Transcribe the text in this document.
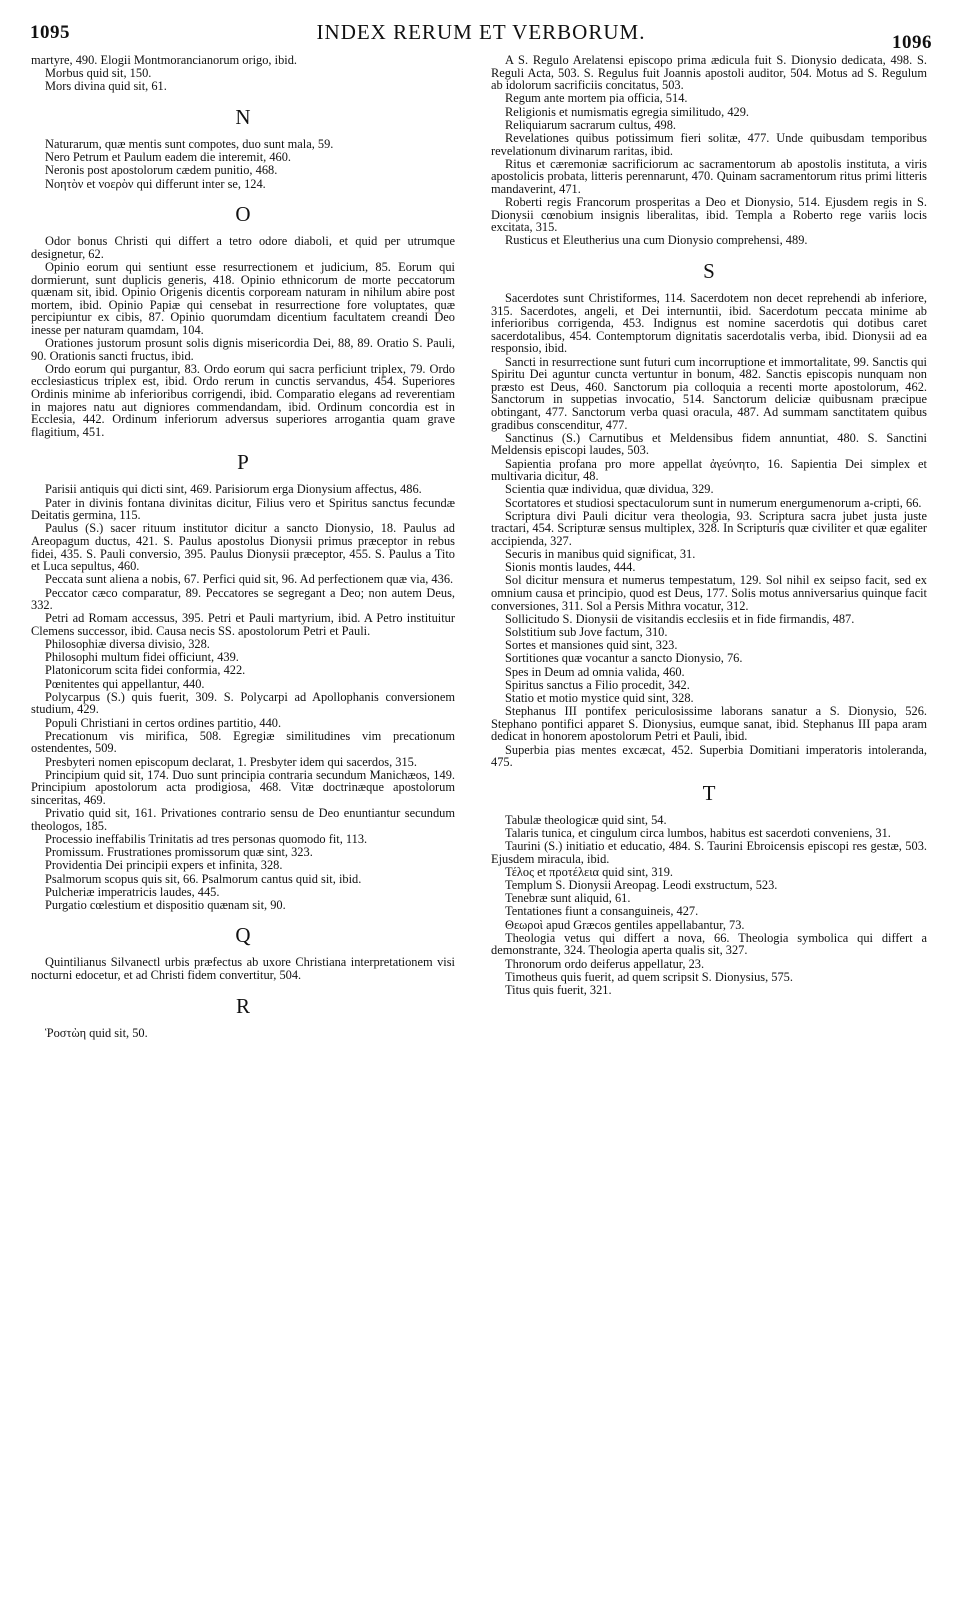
1095	INDEX RERUM ET VERBORUM.	1096
martyre, 490. Elogii Montmorancianorum origo, ibid.
Morbus quid sit, 150.
Mors divina quid sit, 61.
N
Naturarum, quæ mentis sunt compotes, duo sunt mala, 59.
Nero Petrum et Paulum eadem die interemit, 460.
Neronis post apostolorum cædem punitio, 468.
Νοητὸν et νοερὸν qui differunt inter se, 124.
O
Odor bonus Christi qui differt a tetro odore diaboli, et quid per utrumque designetur, 62.
Opinio eorum qui sentiunt esse resurrectionem et judicium, 85. Eorum qui dormierunt, sunt duplicis generis, 418. Opinio ethnicorum de morte peccatorum quænam sit, ibid. Opinio Origenis dicentis corpoream naturam in nihilum abire post mortem, ibid. Opinio Papiæ qui censebat in resurrectione fore voluptates, quæ percipiuntur ex cibis, 87. Opinio quorumdam dicentium facultatem creandi Deo inesse per naturam quamdam, 104.
Orationes justorum prosunt solis dignis misericordia Dei, 88, 89. Oratio S. Pauli, 90. Orationis sancti fructus, ibid.
Ordo eorum qui purgantur, 83. Ordo eorum qui sacra perficiunt triplex, 79. Ordo ecclesiasticus triplex est, ibid. Ordo rerum in cunctis servandus, 454. Superiores Ordinis minime ab inferioribus corrigendi, ibid. Comparatio elegans ad reverentiam in majores natu aut digniores commendandam, ibid. Ordinum concordia est in Ecclesia, 442. Ordinum inferiorum adversus superiores arrogantia quam grave flagitium, 451.
P
Parisii antiquis qui dicti sint, 469. Parisiorum erga Dionysium affectus, 486.
Pater in divinis fontana divinitas dicitur, Filius vero et Spiritus sanctus fecundæ Deitatis germina, 115.
Paulus (S.) sacer rituum institutor dicitur a sancto Dionysio, 18. Paulus ad Areopagum ductus, 421. S. Paulus apostolus Dionysii primus præceptor in rebus fidei, 435. S. Pauli conversio, 395. Paulus Dionysii præceptor, 455. S. Paulus a Tito et Luca sepultus, 460.
Peccata sunt aliena a nobis, 67. Perfici quid sit, 96. Ad perfectionem quæ via, 436.
Peccator cæco comparatur, 89. Peccatores se segregant a Deo; non autem Deus, 332.
Petri ad Romam accessus, 395. Petri et Pauli martyrium, ibid. A Petro instituitur Clemens successor, ibid. Causa necis SS. apostolorum Petri et Pauli.
Philosophiæ diversa divisio, 328.
Philosophi multum fidei officiunt, 439.
Platonicorum scita fidei conformia, 422.
Pœnitentes qui appellantur, 440.
Polycarpus (S.) quis fuerit, 309. S. Polycarpi ad Apollophanis conversionem studium, 429.
Populi Christiani in certos ordines partitio, 440.
Precationum vis mirifica, 508. Egregiæ similitudines vim precationum ostendentes, 509.
Presbyteri nomen episcopum declarat, 1. Presbyter idem qui sacerdos, 315.
Principium quid sit, 174. Duo sunt principia contraria secundum Manichæos, 149. Principium apostolorum acta prodigiosa, 468. Vitæ doctrinæque apostolorum sinceritas, 469.
Privatio quid sit, 161. Privationes contrario sensu de Deo enuntiantur secundum theologos, 185.
Processio ineffabilis Trinitatis ad tres personas quomodo fit, 113.
Promissum. Frustrationes promissorum quæ sint, 323.
Providentia Dei principii expers et infinita, 328.
Psalmorum scopus quis sit, 66. Psalmorum cantus quid sit, ibid.
Pulcheriæ imperatricis laudes, 445.
Purgatio cœlestium et dispositio quænam sit, 90.
Q
Quintilianus Silvanectl urbis præfectus ab uxore Christiana interpretationem visi nocturni edocetur, et ad Christi fidem convertitur, 504.
R
Ῥοστὼη quid sit, 50.
A S. Regulo Arelatensi episcopo prima ædicula fuit S. Dionysio dedicata, 498. S. Reguli Acta, 503. S. Regulus fuit Joannis apostoli auditor, 504. Motus ad S. Regulum ab idolorum sacrificiis concitatus, 503.
Regum ante mortem pia officia, 514.
Religionis et numismatis egregia similitudo, 429.
Reliquiarum sacrarum cultus, 498.
Revelationes quibus potissimum fieri solitæ, 477. Unde quibusdam temporibus revelationum divinarum raritas, ibid.
Ritus et cæremoniæ sacrificiorum ac sacramentorum ab apostolis instituta, a viris apostolicis probata, litteris perennarunt, 470. Quinam sacramentorum ritus primi litteris mandaverint, 471.
Roberti regis Francorum prosperitas a Deo et Dionysio, 514. Ejusdem regis in S. Dionysii cœnobium insignis liberalitas, ibid. Templa a Roberto rege variis locis excitata, 315.
Rusticus et Eleutherius una cum Dionysio comprehensi, 489.
S
Sacerdotes sunt Christiformes, 114. Sacerdotem non decet reprehendi ab inferiore, 315. Sacerdotes, angeli, et Dei internuntii, ibid. Sacerdotum peccata minime ab inferioribus corrigenda, 453. Indignus est nomine sacerdotis qui dotibus caret sacerdotalibus, 454. Contemptorum dignitatis sacerdotalis verba, ibid. Dionysii ad ea responsio, ibid.
Sancti in resurrectione sunt futuri cum incorruptione et immortalitate, 99. Sanctis qui Spiritu Dei aguntur cuncta vertuntur in bonum, 482. Sanctis episcopis nunquam non præsto est Deus, 460. Sanctorum pia colloquia a recenti morte apostolorum, 462. Sanctorum in suppetias invocatio, 514. Sanctorum deliciæ quibusnam præcipue obtingant, 477. Sanctorum verba quasi oracula, 487. Ad summam sanctitatem quibus gradibus conscenditur, 477.
Sanctinus (S.) Carnutibus et Meldensibus fidem annuntiat, 480. S. Sanctini Meldensis episcopi laudes, 503.
Sapientia profana pro more appellat ἀγεύνητο, 16. Sapientia Dei simplex et multivaria dicitur, 48.
Scientia quæ individua, quæ dividua, 329.
Scortatores et studiosi spectaculorum sunt in numerum energumenorum a-cripti, 66.
Scriptura divi Pauli dicitur vera theologia, 93. Scriptura sacra jubet justa juste tractari, 454. Scripturæ sensus multiplex, 328. In Scripturis quæ civiliter et quæ egaliter accipienda, 327.
Securis in manibus quid significat, 31.
Sionis montis laudes, 444.
Sol dicitur mensura et numerus tempestatum, 129. Sol nihil ex seipso facit, sed ex omnium causa et principio, quod est Deus, 177. Solis motus anniversarius quinque facit conversiones, 311. Sol a Persis Mithra vocatur, 312.
Sollicitudo S. Dionysii de visitandis ecclesiis et in fide firmandis, 487.
Solstitium sub Jove factum, 310.
Sortes et mansiones quid sint, 323.
Sortitiones quæ vocantur a sancto Dionysio, 76.
Spes in Deum ad omnia valida, 460.
Spiritus sanctus a Filio procedit, 342.
Statio et motio mystice quid sint, 328.
Stephanus III pontifex periculosissime laborans sanatur a S. Dionysio, 526. Stephano pontifici apparet S. Dionysius, eumque sanat, ibid. Stephanus III papa aram dedicat in honorem apostolorum Petri et Pauli, ibid.
Superbia pias mentes excæcat, 452. Superbia Domitiani imperatoris intoleranda, 475.
T
Tabulæ theologicæ quid sint, 54.
Talaris tunica, et cingulum circa lumbos, habitus est sacerdoti conveniens, 31.
Taurini (S.) initiatio et educatio, 484. S. Taurini Ebroicensis episcopi res gestæ, 503. Ejusdem miracula, ibid.
Τέλος et προτέλεια quid sint, 319.
Templum S. Dionysii Areopag. Leodi exstructum, 523.
Tenebræ sunt aliquid, 61.
Tentationes fiunt a consanguineis, 427.
Θεωροὶ apud Græcos gentiles appellabantur, 73.
Theologia vetus qui differt a nova, 66. Theologia symbolica qui differt a demonstrante, 324. Theologia aperta qualis sit, 327.
Thronorum ordo deiferus appellatur, 23.
Timotheus quis fuerit, ad quem scripsit S. Dionysius, 575.
Titus quis fuerit, 321.
